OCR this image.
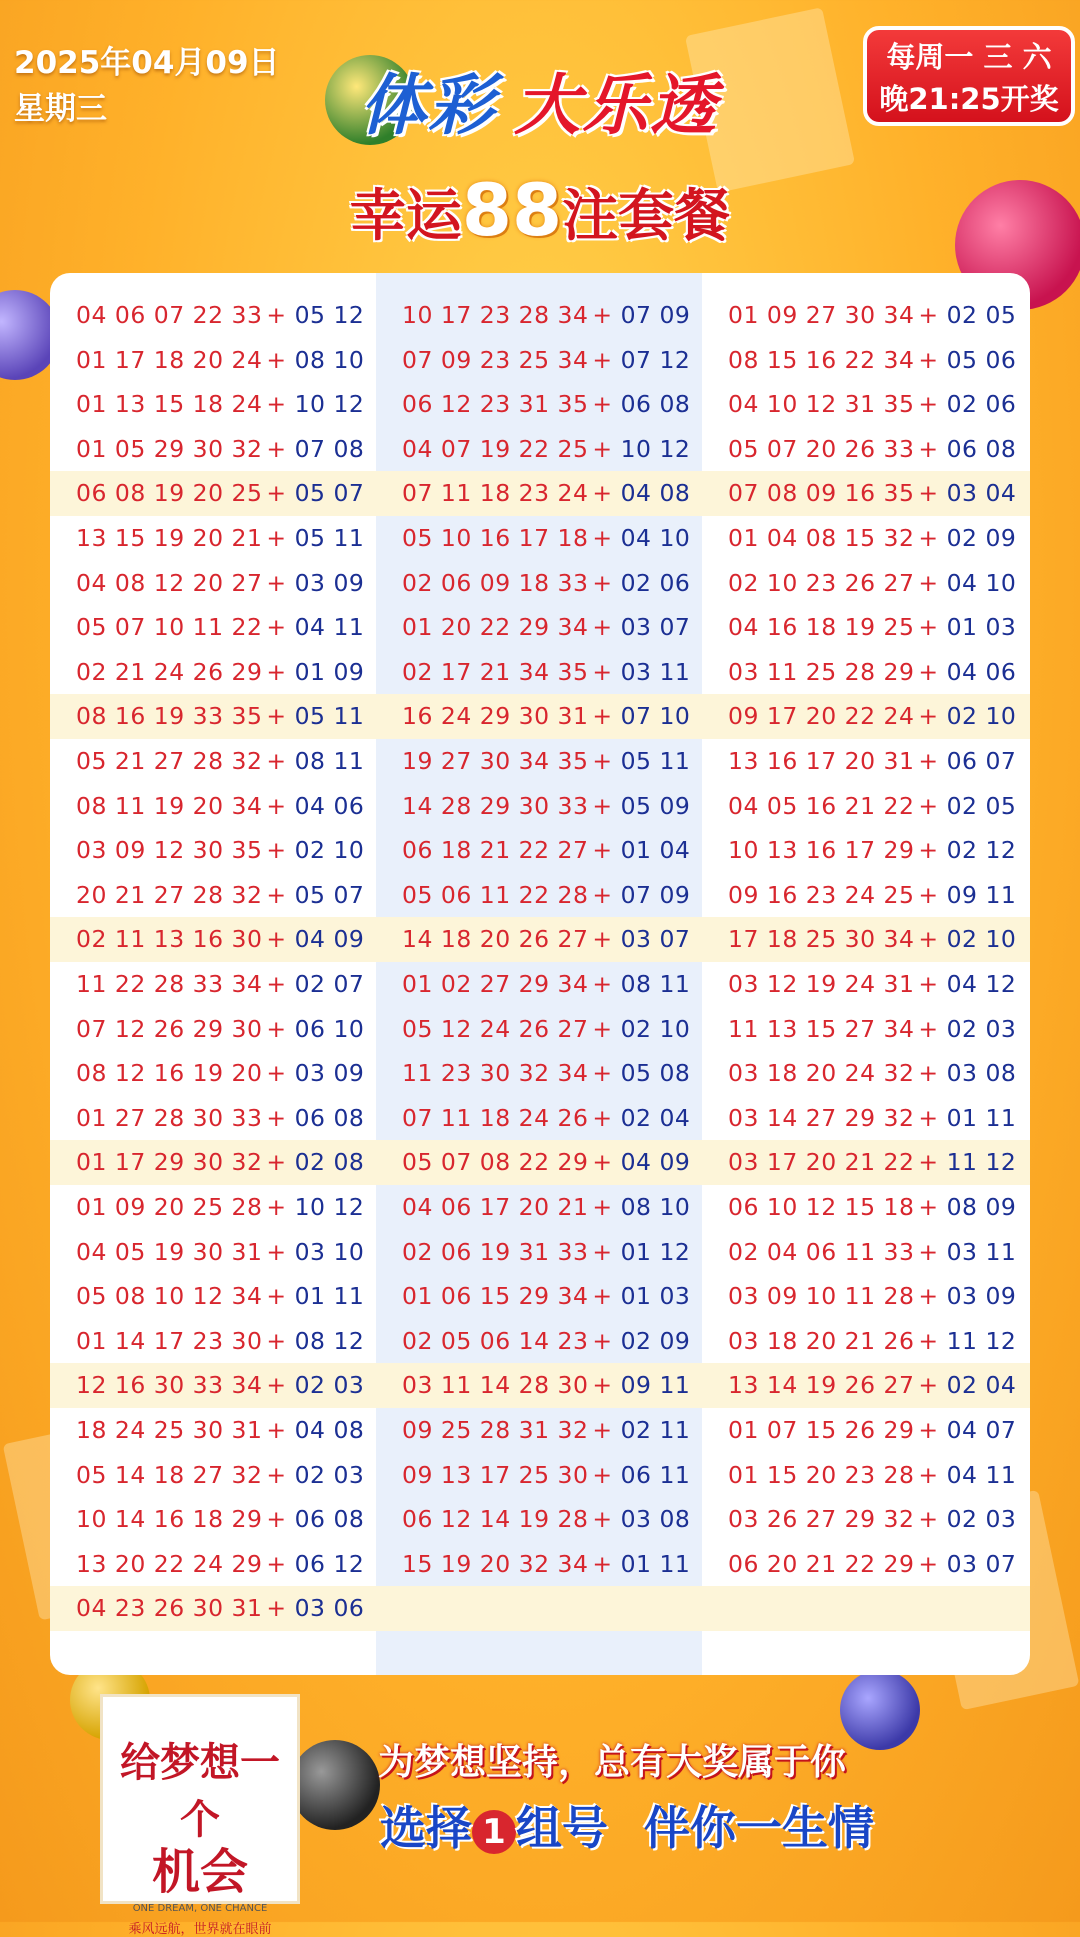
2025年04月09日
星期三	体彩 大乐透
幸运88注套餐
每周一 三 六
晚21:25开奖
04 06 07 22 33 + 05 12
01 17 18 20 24 + 08 10
01 13 15 18 24 + 10 12
01 05 29 30 32 + 07 08
06 08 19 20 25 + 05 07
13 15 19 20 21 + 05 11
04 08 12 20 27 + 03 09
05 07 10 11 22 + 04 11
02 21 24 26 29 + 01 09
08 16 19 33 35 + 05 11
05 21 27 28 32 + 08 11
08 11 19 20 34 + 04 06
03 09 12 30 35 + 02 10
20 21 27 28 32 + 05 07
02 11 13 16 30 + 04 09
11 22 28 33 34 + 02 07
07 12 26 29 30 + 06 10
08 12 16 19 20 + 03 09
01 27 28 30 33 + 06 08
01 17 29 30 32 + 02 08
01 09 20 25 28 + 10 12
04 05 19 30 31 + 03 10
05 08 10 12 34 + 01 11
01 14 17 23 30 + 08 12
12 16 30 33 34 + 02 03
18 24 25 30 31 + 04 08
05 14 18 27 32 + 02 03
10 14 16 18 29 + 06 08
13 20 22 24 29 + 06 12
04 23 26 30 31 + 03 06
10 17 23 28 34 + 07 09
07 09 23 25 34 + 07 12
06 12 23 31 35 + 06 08
04 07 19 22 25 + 10 12
07 11 18 23 24 + 04 08
05 10 16 17 18 + 04 10
02 06 09 18 33 + 02 06
01 20 22 29 34 + 03 07
02 17 21 34 35 + 03 11
16 24 29 30 31 + 07 10
19 27 30 34 35 + 05 11
14 28 29 30 33 + 05 09
06 18 21 22 27 + 01 04
05 06 11 22 28 + 07 09
14 18 20 26 27 + 03 07
01 02 27 29 34 + 08 11
05 12 24 26 27 + 02 10
11 23 30 32 34 + 05 08
07 11 18 24 26 + 02 04
05 07 08 22 29 + 04 09
04 06 17 20 21 + 08 10
02 06 19 31 33 + 01 12
01 06 15 29 34 + 01 03
02 05 06 14 23 + 02 09
03 11 14 28 30 + 09 11
09 25 28 31 32 + 02 11
09 13 17 25 30 + 06 11
06 12 14 19 28 + 03 08
15 19 20 32 34 + 01 11
01 09 27 30 34 + 02 05
08 15 16 22 34 + 05 06
04 10 12 31 35 + 02 06
05 07 20 26 33 + 06 08
07 08 09 16 35 + 03 04
01 04 08 15 32 + 02 09
02 10 23 26 27 + 04 10
04 16 18 19 25 + 01 03
03 11 25 28 29 + 04 06
09 17 20 22 24 + 02 10
13 16 17 20 31 + 06 07
04 05 16 21 22 + 02 05
10 13 16 17 29 + 02 12
09 16 23 24 25 + 09 11
17 18 25 30 34 + 02 10
03 12 19 24 31 + 04 12
11 13 15 27 34 + 02 03
03 18 20 24 32 + 03 08
03 14 27 29 32 + 01 11
03 17 20 21 22 + 11 12
06 10 12 15 18 + 08 09
02 04 06 11 33 + 03 11
03 09 10 11 28 + 03 09
03 18 20 21 26 + 11 12
13 14 19 26 27 + 02 04
01 07 15 26 29 + 04 07
01 15 20 23 28 + 04 11
03 26 27 29 32 + 02 03
06 20 21 22 29 + 03 07
给梦想一个
机会
ONE DREAM, ONE CHANCE
乘风远航，世界就在眼前
为梦想坚持，总有大奖属于你
选择 1 组号 伴你一生情
